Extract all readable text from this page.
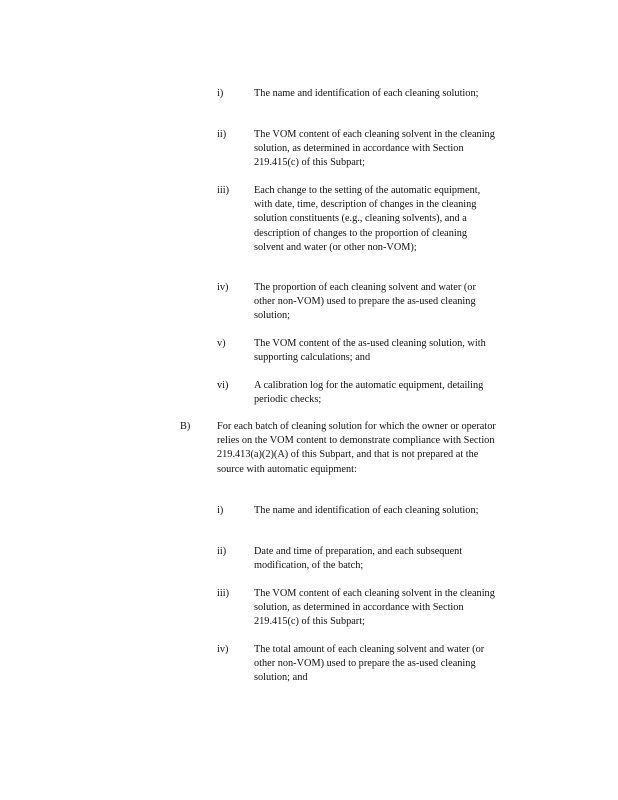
i)	The name and identification of each cleaning solution;
ii)	The VOM content of each cleaning solvent in the cleaning solution, as determined in accordance with Section 219.415(c) of this Subpart;
iii) Each change to the setting of the automatic equipment, with date, time, description of changes in the cleaning solution constituents (e.g., cleaning solvents), and a description of changes to the proportion of cleaning solvent and water (or other non-VOM);
iv) The proportion of each cleaning solvent and water (or other non-VOM) used to prepare the as-used cleaning solution;
v)	The VOM content of the as-used cleaning solution, with supporting calculations; and
vi) A calibration log for the automatic equipment, detailing periodic checks;
B)	For each batch of cleaning solution for which the owner or operator relies on the VOM content to demonstrate compliance with Section 219.413(a)(2)(A) of this Subpart, and that is not prepared at the source with automatic equipment:
i)	The name and identification of each cleaning solution;
ii)	Date and time of preparation, and each subsequent modification, of the batch;
iii) The VOM content of each cleaning solvent in the cleaning solution, as determined in accordance with Section 219.415(c) of this Subpart;
iv) The total amount of each cleaning solvent and water (or other non-VOM) used to prepare the as-used cleaning solution; and
